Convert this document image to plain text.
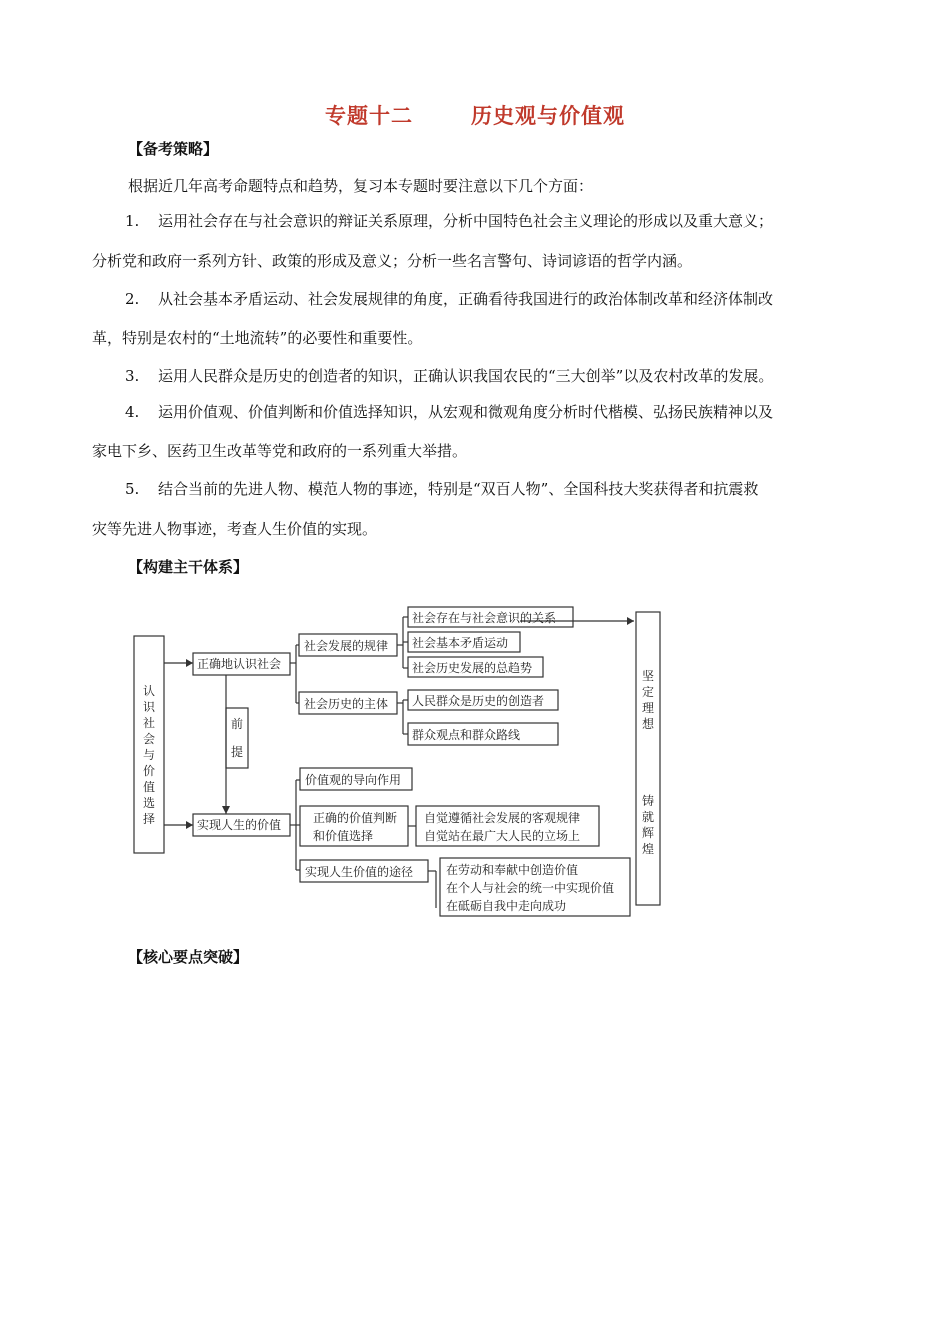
专题十二	历史观与价值观
【备考策略】
根据近几年高考命题特点和趋势，复习本专题时要注意以下几个方面：
1. 运用社会存在与社会意识的辩证关系原理，分析中国特色社会主义理论的形成以及重大意义；
分析党和政府一系列方针、政策的形成及意义；分析一些名言警句、诗词谚语的哲学内涵。
2. 从社会基本矛盾运动、社会发展规律的角度，正确看待我国进行的政治体制改革和经济体制改
革，特别是农村的“土地流转”的必要性和重要性。
3. 运用人民群众是历史的创造者的知识，正确认识我国农民的“三大创举”以及农村改革的发展。
4. 运用价值观、价值判断和价值选择知识，从宏观和微观角度分析时代楷模、弘扬民族精神以及
家电下乡、医药卫生改革等党和政府的一系列重大举措。
5. 结合当前的先进人物、模范人物的事迹，特别是“双百人物”、全国科技大奖获得者和抗震救
灾等先进人物事迹，考查人生价值的实现。
【构建主干体系】
认
识
社
会
与
价
值
选
择
前
提
坚
定
理
想
铸
就
辉
煌
正确地认识社会
实现人生的价值
社会发展的规律
社会历史的主体
社会存在与社会意识的关系
社会基本矛盾运动
社会历史发展的总趋势
人民群众是历史的创造者
群众观点和群众路线
价值观的导向作用
正确的价值判断
和价值选择
实现人生价值的途径
自觉遵循社会发展的客观规律
自觉站在最广大人民的立场上
在劳动和奉献中创造价值
在个人与社会的统一中实现价值
在砥砺自我中走向成功
【核心要点突破】
